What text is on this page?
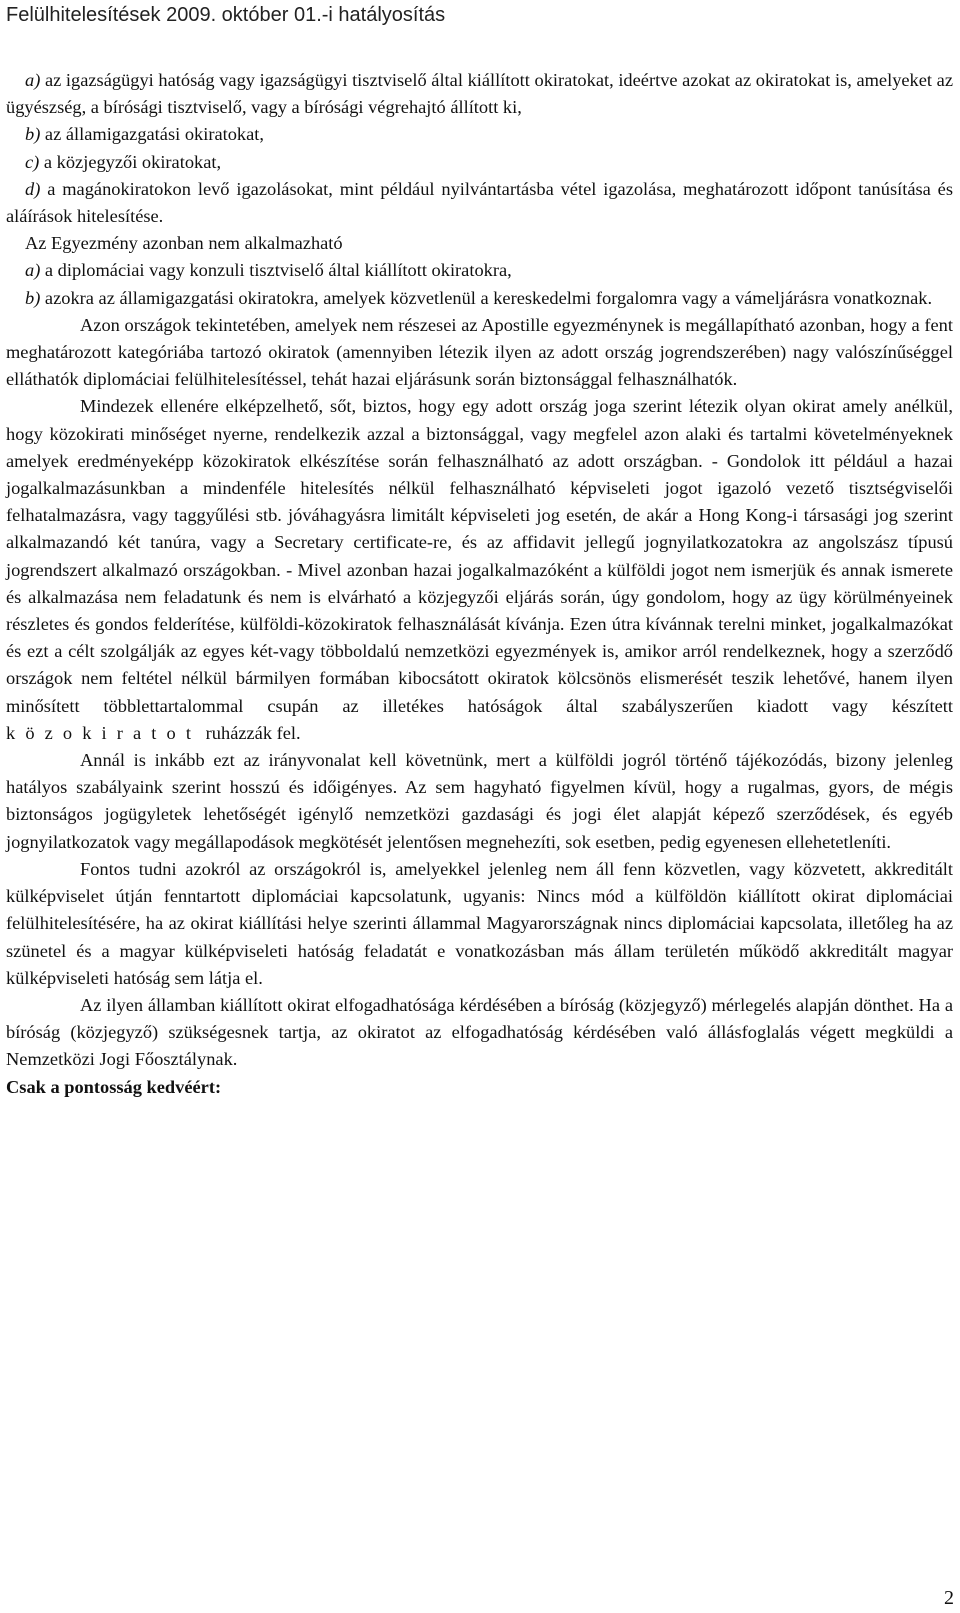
Felülhitelesítések 2009. október 01.-i hatályosítás

a) az igazságügyi hatóság vagy igazságügyi tisztviselő által kiállított okiratokat, ideértve azokat az okiratokat is, amelyeket az ügyészség, a bírósági tisztviselő, vagy a bírósági végrehajtó állított ki,

b) az államigazgatási okiratokat,

c) a közjegyzői okiratokat,

d) a magánokiratokon levő igazolásokat, mint például nyilvántartásba vétel igazolása, meghatározott időpont tanúsítása és aláírások hitelesítése.

Az Egyezmény azonban nem alkalmazható

a) a diplomáciai vagy konzuli tisztviselő által kiállított okiratokra,

b) azokra az államigazgatási okiratokra, amelyek közvetlenül a kereskedelmi forgalomra vagy a vámeljárásra vonatkoznak.

Azon országok tekintetében, amelyek nem részesei az Apostille egyezménynek is megállapítható azonban, hogy a fent meghatározott kategóriába tartozó okiratok (amennyiben létezik ilyen az adott ország jogrendszerében) nagy valószínűséggel elláthatók diplomáciai felülhitelesítéssel, tehát hazai eljárásunk során biztonsággal felhasználhatók.

Mindezek ellenére elképzelhető, sőt, biztos, hogy egy adott ország joga szerint létezik olyan okirat amely anélkül, hogy közokirati minőséget nyerne, rendelkezik azzal a biztonsággal, vagy megfelel azon alaki és tartalmi követelményeknek amelyek eredményeképp közokiratok elkészítése során felhasználható az adott országban. - Gondolok itt például a hazai jogalkalmazásunkban a mindenféle hitelesítés nélkül felhasználható képviseleti jogot igazoló vezető tisztségviselői felhatalmazásra, vagy taggyűlési stb. jóváhagyásra limitált képviseleti jog esetén, de akár a Hong Kong-i társasági jog szerint alkalmazandó két tanúra, vagy a Secretary certificate-re, és az affidavit jellegű jognyilatkozatokra az angolszász típusú jogrendszert alkalmazó országokban. - Mivel azonban hazai jogalkalmazóként a külföldi jogot nem ismerjük és annak ismerete és alkalmazása nem feladatunk és nem is elvárható a közjegyzői eljárás során, úgy gondolom, hogy az ügy körülményeinek részletes és gondos felderítése, külföldi-közokiratok felhasználását kívánja. Ezen útra kívánnak terelni minket, jogalkalmazókat és ezt a célt szolgálják az egyes két-vagy többoldalú nemzetközi egyezmények is, amikor arról rendelkeznek, hogy a szerződő országok nem feltétel nélkül bármilyen formában kibocsátott okiratok kölcsönös elismerését teszik lehetővé, hanem ilyen minősített többlettartalommal csupán az illetékes hatóságok által szabályszerűen kiadott vagy készített közokiratot ruházzák fel.

Annál is inkább ezt az irányvonalat kell követnünk, mert a külföldi jogról történő tájékozódás, bizony jelenleg hatályos szabályaink szerint hosszú és időigényes. Az sem hagyható figyelmen kívül, hogy a rugalmas, gyors, de mégis biztonságos jogügyletek lehetőségét igénylő nemzetközi gazdasági és jogi élet alapját képező szerződések, és egyéb jognyilatkozatok vagy megállapodások megkötését jelentősen megnehezíti, sok esetben, pedig egyenesen ellehetetleníti.

Fontos tudni azokról az országokról is, amelyekkel jelenleg nem áll fenn közvetlen, vagy közvetett, akkreditált külképviselet útján fenntartott diplomáciai kapcsolatunk, ugyanis: Nincs mód a külföldön kiállított okirat diplomáciai felülhitelesítésére, ha az okirat kiállítási helye szerinti állammal Magyarországnak nincs diplomáciai kapcsolata, illetőleg ha az szünetel és a magyar külképviseleti hatóság feladatát e vonatkozásban más állam területén működő akkreditált magyar külképviseleti hatóság sem látja el.

Az ilyen államban kiállított okirat elfogadhatósága kérdésében a bíróság (közjegyző) mérlegelés alapján dönthet. Ha a bíróság (közjegyző) szükségesnek tartja, az okiratot az elfogadhatóság kérdésében való állásfoglalás végett megküldi a Nemzetközi Jogi Főosztálynak.

Csak a pontosság kedvéért:

2
